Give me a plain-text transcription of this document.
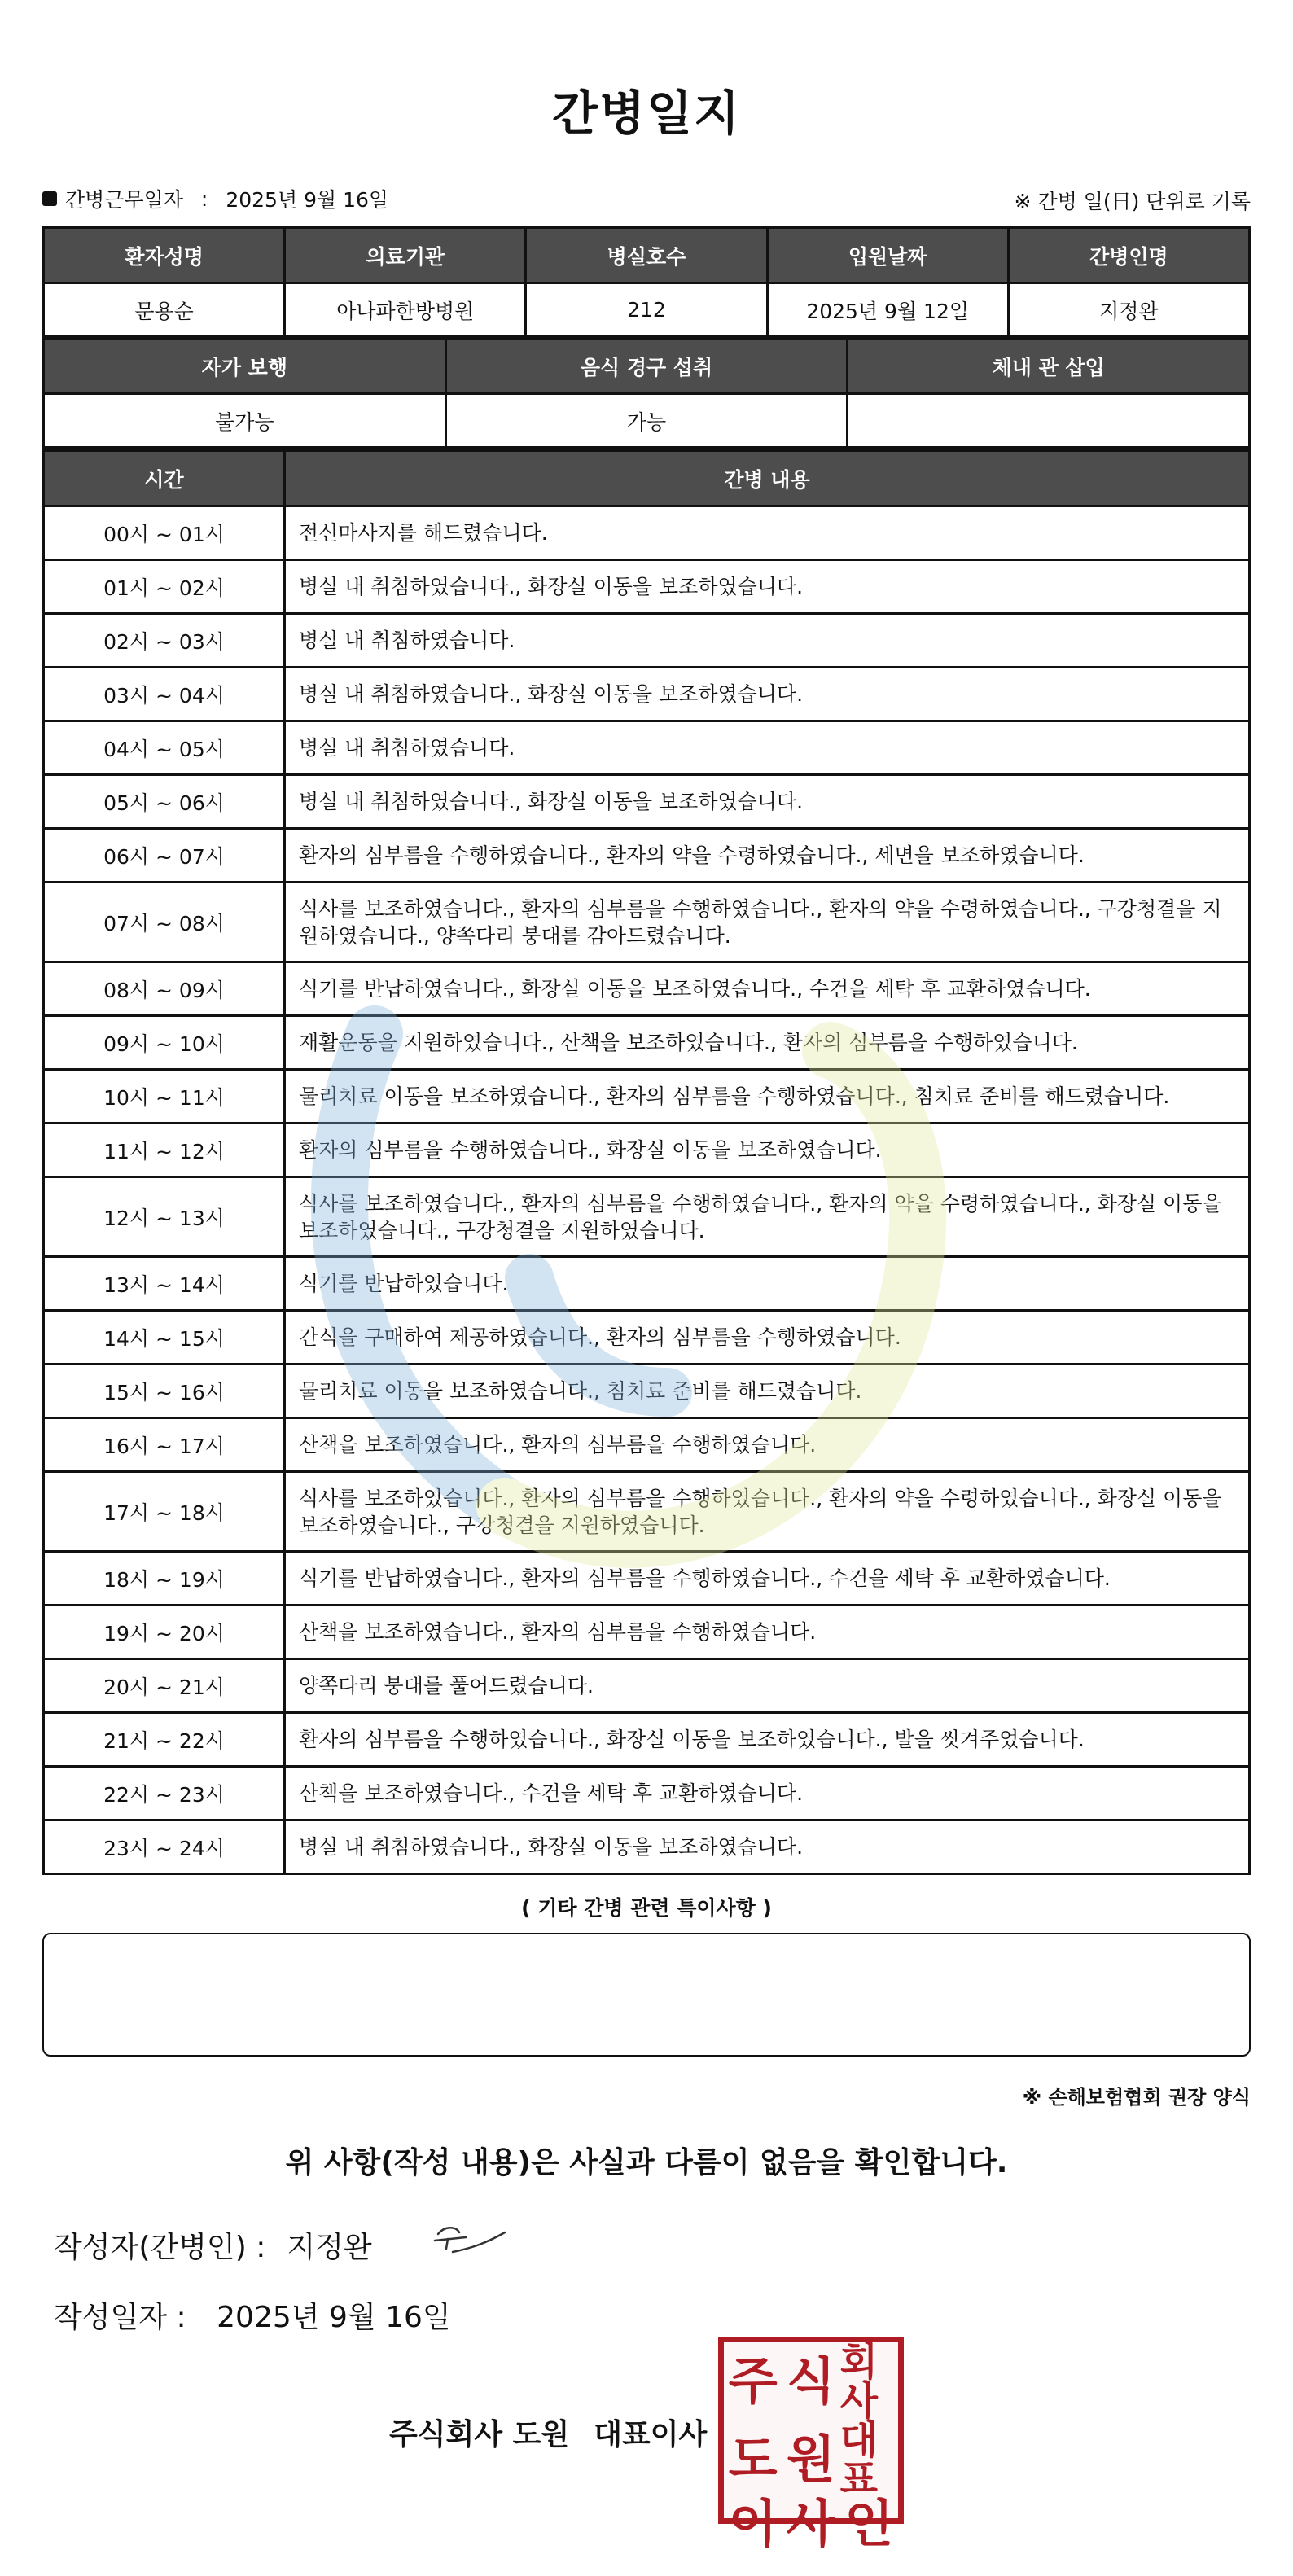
간병일지
간병근무일자 : 2025년 9월 16일	※ 간병 일(日) 단위로 기록
환자성명	의료기관	병실호수	입원날짜	간병인명
문용순	아나파한방병원	212	2025년 9월 12일	지정완
자가 보행	음식 경구 섭취	체내 관 삽입
불가능	가능	
시간	간병 내용
00시 ~ 01시	전신마사지를 해드렸습니다.
01시 ~ 02시	병실 내 취침하였습니다., 화장실 이동을 보조하였습니다.
02시 ~ 03시	병실 내 취침하였습니다.
03시 ~ 04시	병실 내 취침하였습니다., 화장실 이동을 보조하였습니다.
04시 ~ 05시	병실 내 취침하였습니다.
05시 ~ 06시	병실 내 취침하였습니다., 화장실 이동을 보조하였습니다.
06시 ~ 07시	환자의 심부름을 수행하였습니다., 환자의 약을 수령하였습니다., 세면을 보조하였습니다.
07시 ~ 08시	식사를 보조하였습니다., 환자의 심부름을 수행하였습니다., 환자의 약을 수령하였습니다., 구강청결을 지원하였습니다., 양쪽다리 붕대를 감아드렸습니다.
08시 ~ 09시	식기를 반납하였습니다., 화장실 이동을 보조하였습니다., 수건을 세탁 후 교환하였습니다.
09시 ~ 10시	재활운동을 지원하였습니다., 산책을 보조하였습니다., 환자의 심부름을 수행하였습니다.
10시 ~ 11시	물리치료 이동을 보조하였습니다., 환자의 심부름을 수행하였습니다., 침치료 준비를 해드렸습니다.
11시 ~ 12시	환자의 심부름을 수행하였습니다., 화장실 이동을 보조하였습니다.
12시 ~ 13시	식사를 보조하였습니다., 환자의 심부름을 수행하였습니다., 환자의 약을 수령하였습니다., 화장실 이동을 보조하였습니다., 구강청결을 지원하였습니다.
13시 ~ 14시	식기를 반납하였습니다.
14시 ~ 15시	간식을 구매하여 제공하였습니다., 환자의 심부름을 수행하였습니다.
15시 ~ 16시	물리치료 이동을 보조하였습니다., 침치료 준비를 해드렸습니다.
16시 ~ 17시	산책을 보조하였습니다., 환자의 심부름을 수행하였습니다.
17시 ~ 18시	식사를 보조하였습니다., 환자의 심부름을 수행하였습니다., 환자의 약을 수령하였습니다., 화장실 이동을 보조하였습니다., 구강청결을 지원하였습니다.
18시 ~ 19시	식기를 반납하였습니다., 환자의 심부름을 수행하였습니다., 수건을 세탁 후 교환하였습니다.
19시 ~ 20시	산책을 보조하였습니다., 환자의 심부름을 수행하였습니다.
20시 ~ 21시	양쪽다리 붕대를 풀어드렸습니다.
21시 ~ 22시	환자의 심부름을 수행하였습니다., 화장실 이동을 보조하였습니다., 발을 씻겨주었습니다.
22시 ~ 23시	산책을 보조하였습니다., 수건을 세탁 후 교환하였습니다.
23시 ~ 24시	병실 내 취침하였습니다., 화장실 이동을 보조하였습니다.
( 기타 간병 관련 특이사항 )
※ 손해보험협회 권장 양식
위 사항(작성 내용)은 사실과 다름이 없음을 확인합니다.
작성자(간병인) : 지정완
작성일자 : 2025년 9월 16일
주식회사 도원 대표이사
주 식 회사
도 원 대표
이 사 인
